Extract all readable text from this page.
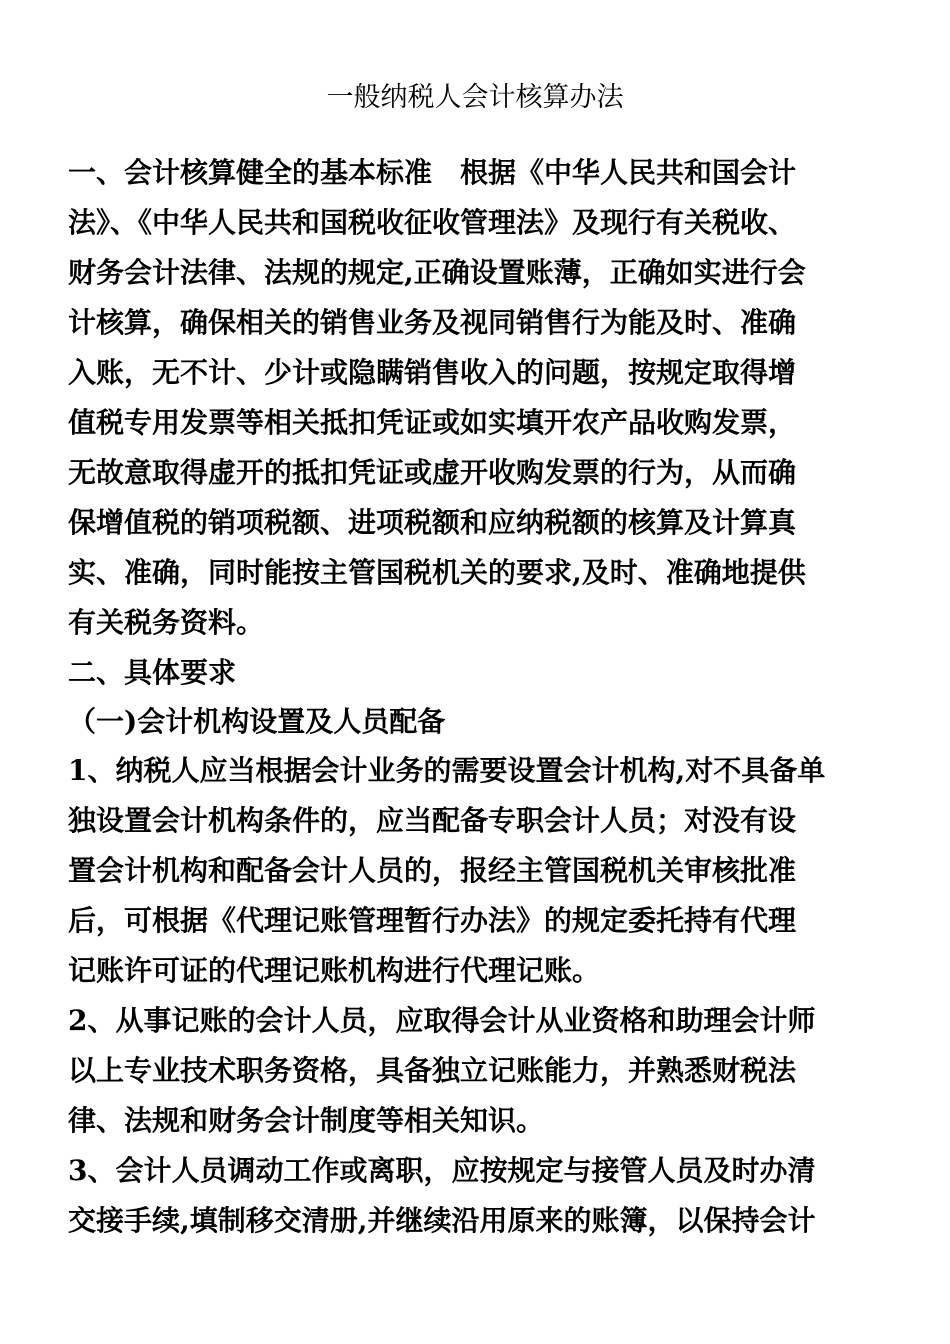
一般纳税人会计核算办法
一、会计核算健全的基本标准　根据《中华人民共和国会计
法》、《中华人民共和国税收征收管理法》及现行有关税收、
财务会计法律、法规的规定,正确设置账薄，正确如实进行会
计核算，确保相关的销售业务及视同销售行为能及时、准确
入账，无不计、少计或隐瞒销售收入的问题，按规定取得增
值税专用发票等相关抵扣凭证或如实填开农产品收购发票，
无故意取得虚开的抵扣凭证或虚开收购发票的行为，从而确
保增值税的销项税额、进项税额和应纳税额的核算及计算真
实、准确，同时能按主管国税机关的要求,及时、准确地提供
有关税务资料。
二、具体要求
（一)会计机构设置及人员配备
1、纳税人应当根据会计业务的需要设置会计机构,对不具备单
独设置会计机构条件的，应当配备专职会计人员；对没有设
置会计机构和配备会计人员的，报经主管国税机关审核批准
后，可根据《代理记账管理暂行办法》的规定委托持有代理
记账许可证的代理记账机构进行代理记账。
2、从事记账的会计人员，应取得会计从业资格和助理会计师
以上专业技术职务资格，具备独立记账能力，并熟悉财税法
律、法规和财务会计制度等相关知识。
3、会计人员调动工作或离职，应按规定与接管人员及时办清
交接手续,填制移交清册,并继续沿用原来的账簿，以保持会计
